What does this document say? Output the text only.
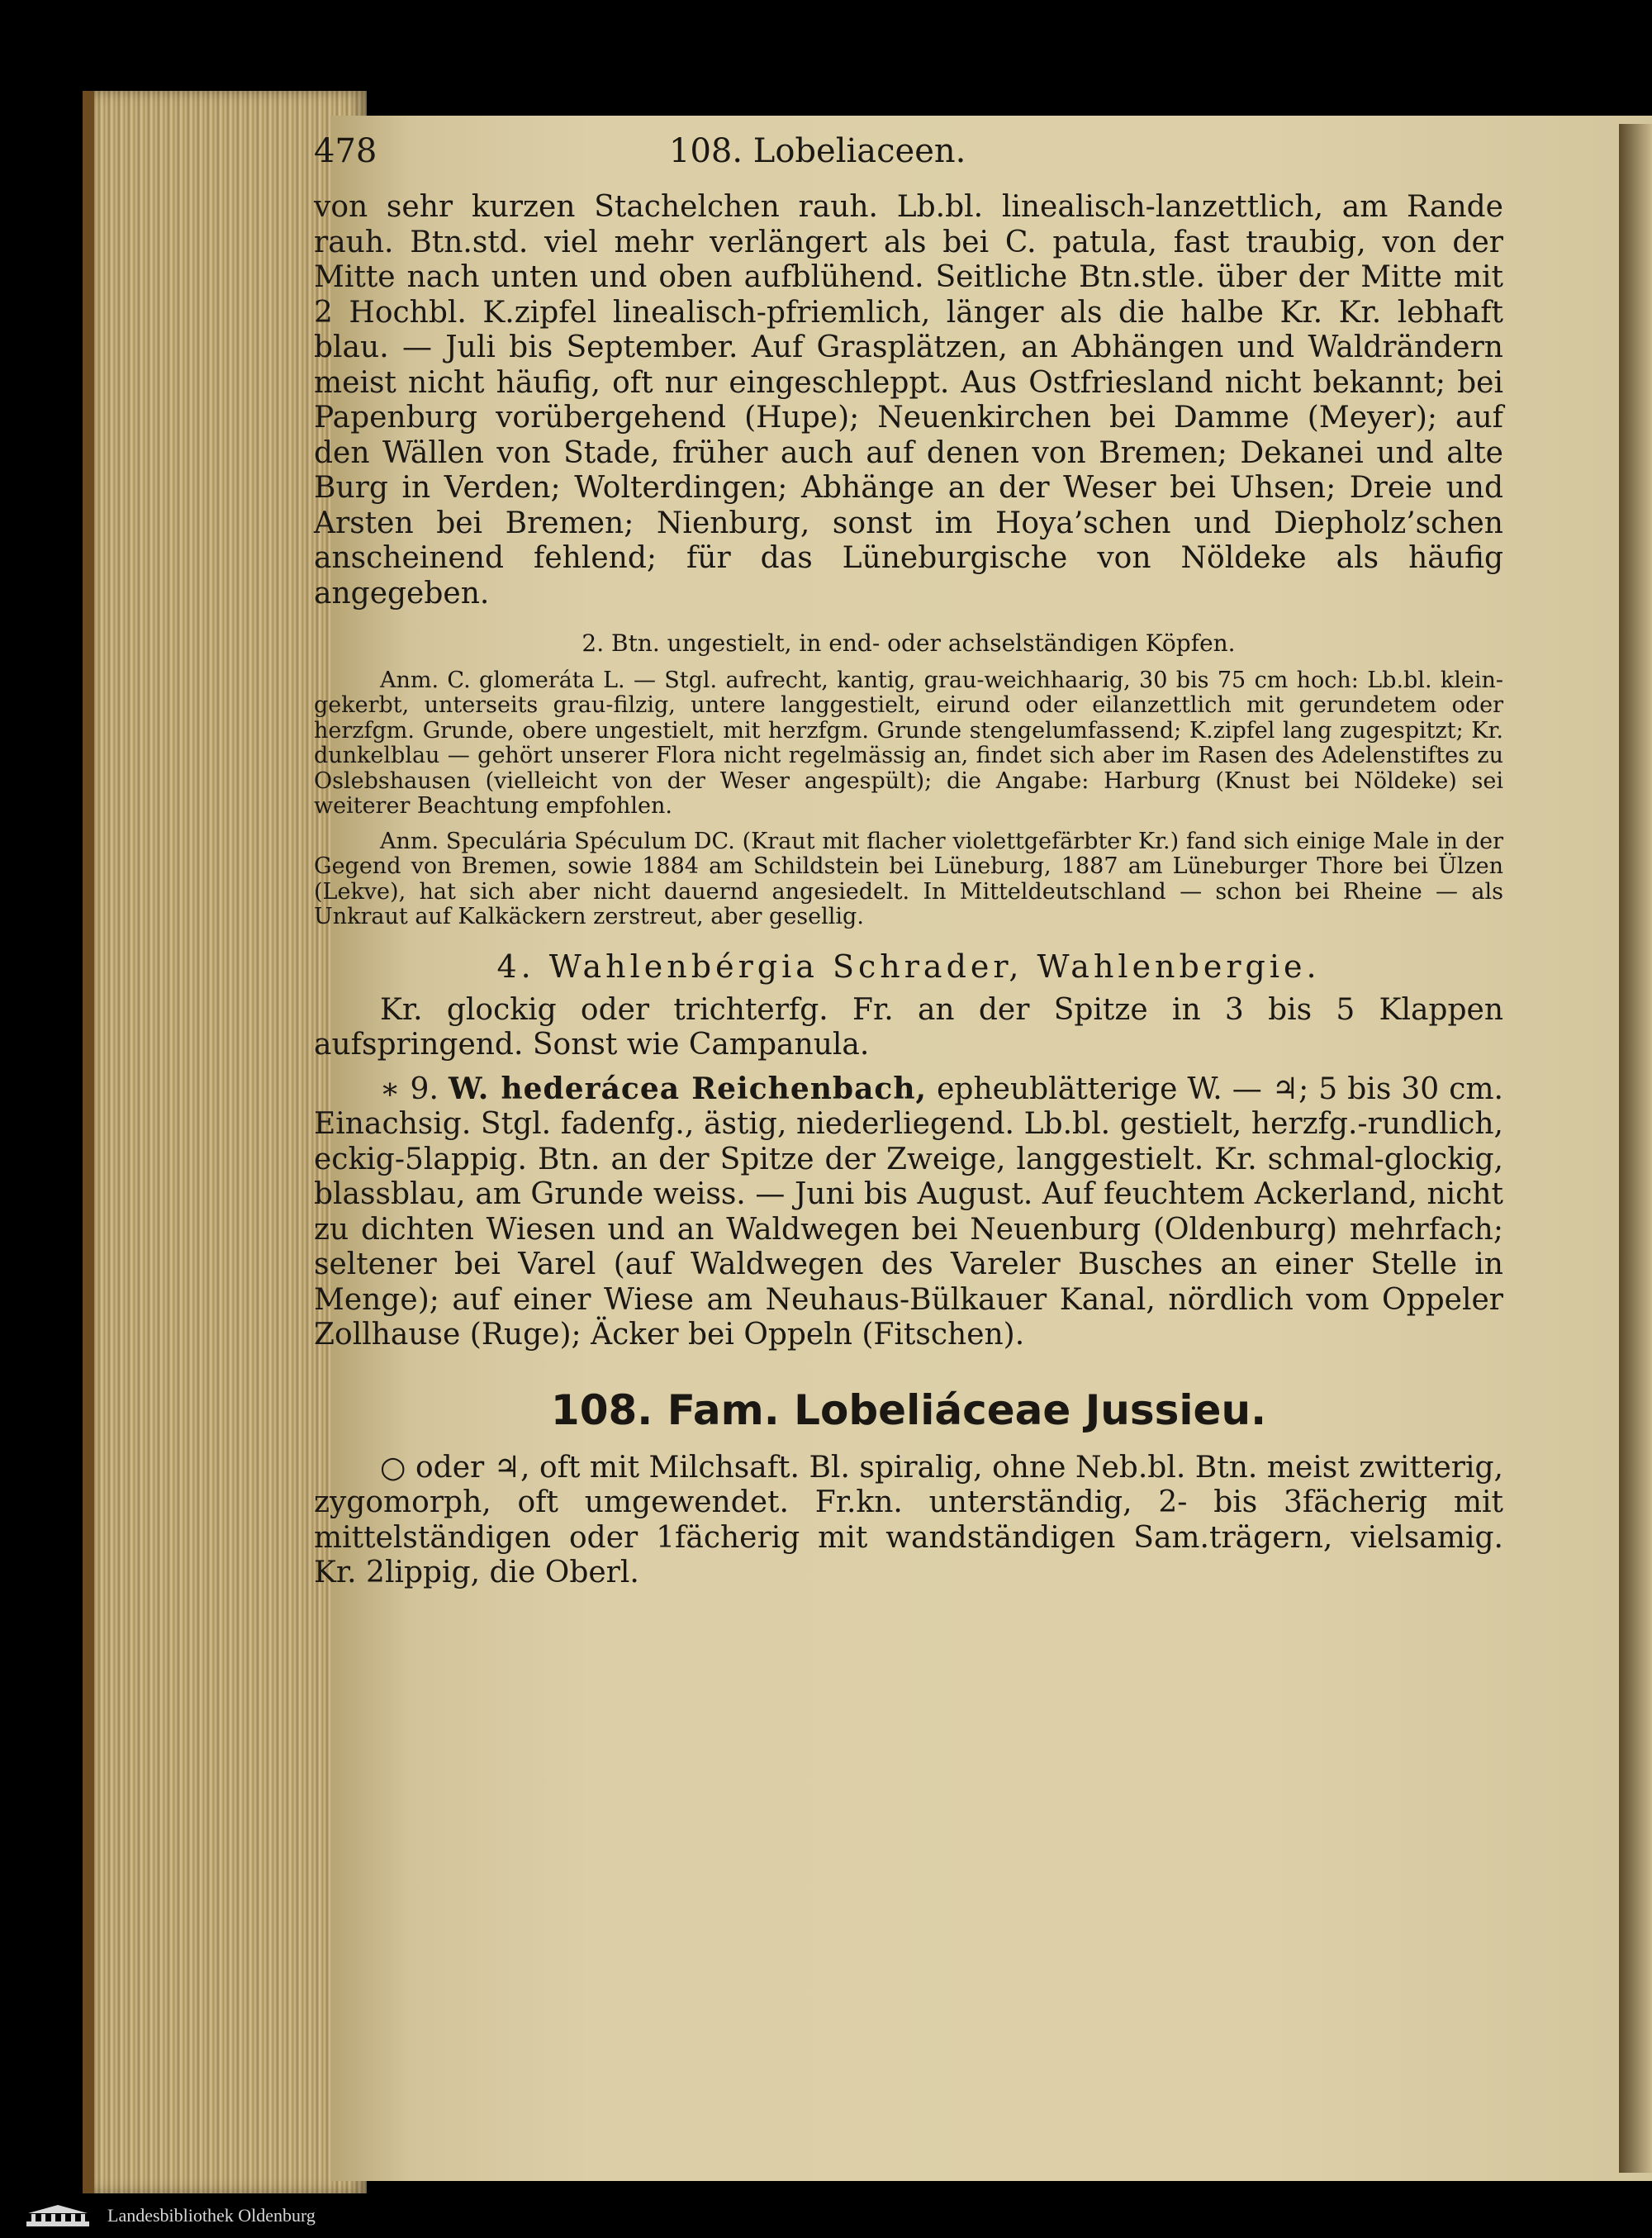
478	108. Lobeliaceen.

von sehr kurzen Stachelchen rauh. Lb.bl. linealisch-lanzettlich, am Rande rauh. Btn.std. viel mehr verlängert als bei C. patula, fast traubig, von der Mitte nach unten und oben aufblühend. Seitliche Btn.stle. über der Mitte mit 2 Hochbl. K.zipfel linealisch-pfriemlich, länger als die halbe Kr. Kr. lebhaft blau. — Juli bis September. Auf Grasplätzen, an Abhängen und Waldrändern meist nicht häufig, oft nur eingeschleppt. Aus Ostfriesland nicht bekannt; bei Papenburg vorübergehend (Hupe); Neuenkirchen bei Damme (Meyer); auf den Wällen von Stade, früher auch auf denen von Bremen; Dekanei und alte Burg in Verden; Wolterdingen; Abhänge an der Weser bei Uhsen; Dreie und Arsten bei Bremen; Nienburg, sonst im Hoya’schen und Diepholz’schen anscheinend fehlend; für das Lüneburgische von Nöldeke als häufig angegeben.

2. Btn. ungestielt, in end- oder achselständigen Köpfen.

Anm. C. glomeráta L. — Stgl. aufrecht, kantig, grau-weichhaarig, 30 bis 75 cm hoch: Lb.bl. klein-gekerbt, unterseits grau-filzig, untere langgestielt, eirund oder eilanzettlich mit gerundetem oder herzfgm. Grunde, obere ungestielt, mit herzfgm. Grunde stengelumfassend; K.zipfel lang zugespitzt; Kr. dunkelblau — gehört unserer Flora nicht regelmässig an, findet sich aber im Rasen des Adelenstiftes zu Oslebshausen (vielleicht von der Weser angespült); die Angabe: Harburg (Knust bei Nöldeke) sei weiterer Beachtung empfohlen.

Anm. Speculária Spéculum DC. (Kraut mit flacher violettgefärbter Kr.) fand sich einige Male in der Gegend von Bremen, sowie 1884 am Schildstein bei Lüneburg, 1887 am Lüneburger Thore bei Ülzen (Lekve), hat sich aber nicht dauernd angesiedelt. In Mitteldeutschland — schon bei Rheine — als Unkraut auf Kalkäckern zerstreut, aber gesellig.

4. Wahlenbérgia Schrader, Wahlenbergie.

Kr. glockig oder trichterfg. Fr. an der Spitze in 3 bis 5 Klappen aufspringend. Sonst wie Campanula.

∗ 9. W. hederácea Reichenbach, epheublätterige W. — ♃; 5 bis 30 cm. Einachsig. Stgl. fadenfg., ästig, niederliegend. Lb.bl. gestielt, herzfg.-rundlich, eckig-5lappig. Btn. an der Spitze der Zweige, langgestielt. Kr. schmal-glockig, blassblau, am Grunde weiss. — Juni bis August. Auf feuchtem Ackerland, nicht zu dichten Wiesen und an Waldwegen bei Neuenburg (Oldenburg) mehrfach; seltener bei Varel (auf Waldwegen des Vareler Busches an einer Stelle in Menge); auf einer Wiese am Neuhaus-Bülkauer Kanal, nördlich vom Oppeler Zollhause (Ruge); Äcker bei Oppeln (Fitschen).

108. Fam. Lobeliáceae Jussieu.

○ oder ♃, oft mit Milchsaft. Bl. spiralig, ohne Neb.bl. Btn. meist zwitterig, zygomorph, oft umgewendet. Fr.kn. unterständig, 2- bis 3fächerig mit mittelständigen oder 1fächerig mit wandständigen Sam.trägern, vielsamig. Kr. 2lippig, die Oberl.

Landesbibliothek Oldenburg
